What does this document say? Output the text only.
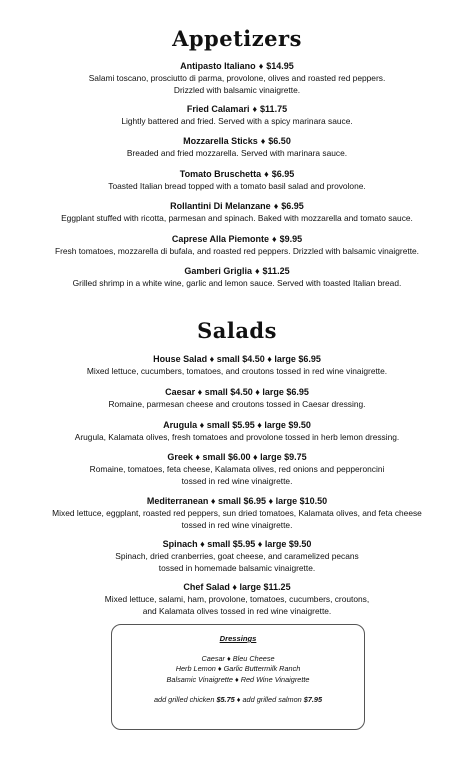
Appetizers
Antipasto Italiano ♦ $14.95
Salami toscano, prosciutto di parma, provolone, olives and roasted red peppers.
Drizzled with balsamic vinaigrette.
Fried Calamari ♦ $11.75
Lightly battered and fried. Served with a spicy marinara sauce.
Mozzarella Sticks ♦ $6.50
Breaded and fried mozzarella. Served with marinara sauce.
Tomato Bruschetta ♦ $6.95
Toasted Italian bread topped with a tomato basil salad and provolone.
Rollantini Di Melanzane ♦ $6.95
Eggplant stuffed with ricotta, parmesan and spinach. Baked with mozzarella and tomato sauce.
Caprese Alla Piemonte ♦ $9.95
Fresh tomatoes, mozzarella di bufala, and roasted red peppers. Drizzled with balsamic vinaigrette.
Gamberi Griglia ♦ $11.25
Grilled shrimp in a white wine, garlic and lemon sauce. Served with toasted Italian bread.
Salads
House Salad ♦ small $4.50 ♦ large $6.95
Mixed lettuce, cucumbers, tomatoes, and croutons tossed in red wine vinaigrette.
Caesar ♦ small $4.50 ♦ large $6.95
Romaine, parmesan cheese and croutons tossed in Caesar dressing.
Arugula ♦ small $5.95 ♦ large $9.50
Arugula, Kalamata olives, fresh tomatoes and provolone tossed in herb lemon dressing.
Greek ♦ small $6.00 ♦ large $9.75
Romaine, tomatoes, feta cheese, Kalamata olives, red onions and pepperoncini
tossed in red wine vinaigrette.
Mediterranean ♦ small $6.95 ♦ large $10.50
Mixed lettuce, eggplant, roasted red peppers, sun dried tomatoes, Kalamata olives, and feta cheese
tossed in red wine vinaigrette.
Spinach ♦ small $5.95 ♦ large $9.50
Spinach, dried cranberries, goat cheese, and caramelized pecans
tossed in homemade balsamic vinaigrette.
Chef Salad ♦ large $11.25
Mixed lettuce, salami, ham, provolone, tomatoes, cucumbers, croutons,
and Kalamata olives tossed in red wine vinaigrette.
Dressings
Caesar ♦ Bleu Cheese
Herb Lemon ♦ Garlic Buttermilk Ranch
Balsamic Vinaigrette ♦ Red Wine Vinaigrette
add grilled chicken $5.75 ♦ add grilled salmon $7.95
